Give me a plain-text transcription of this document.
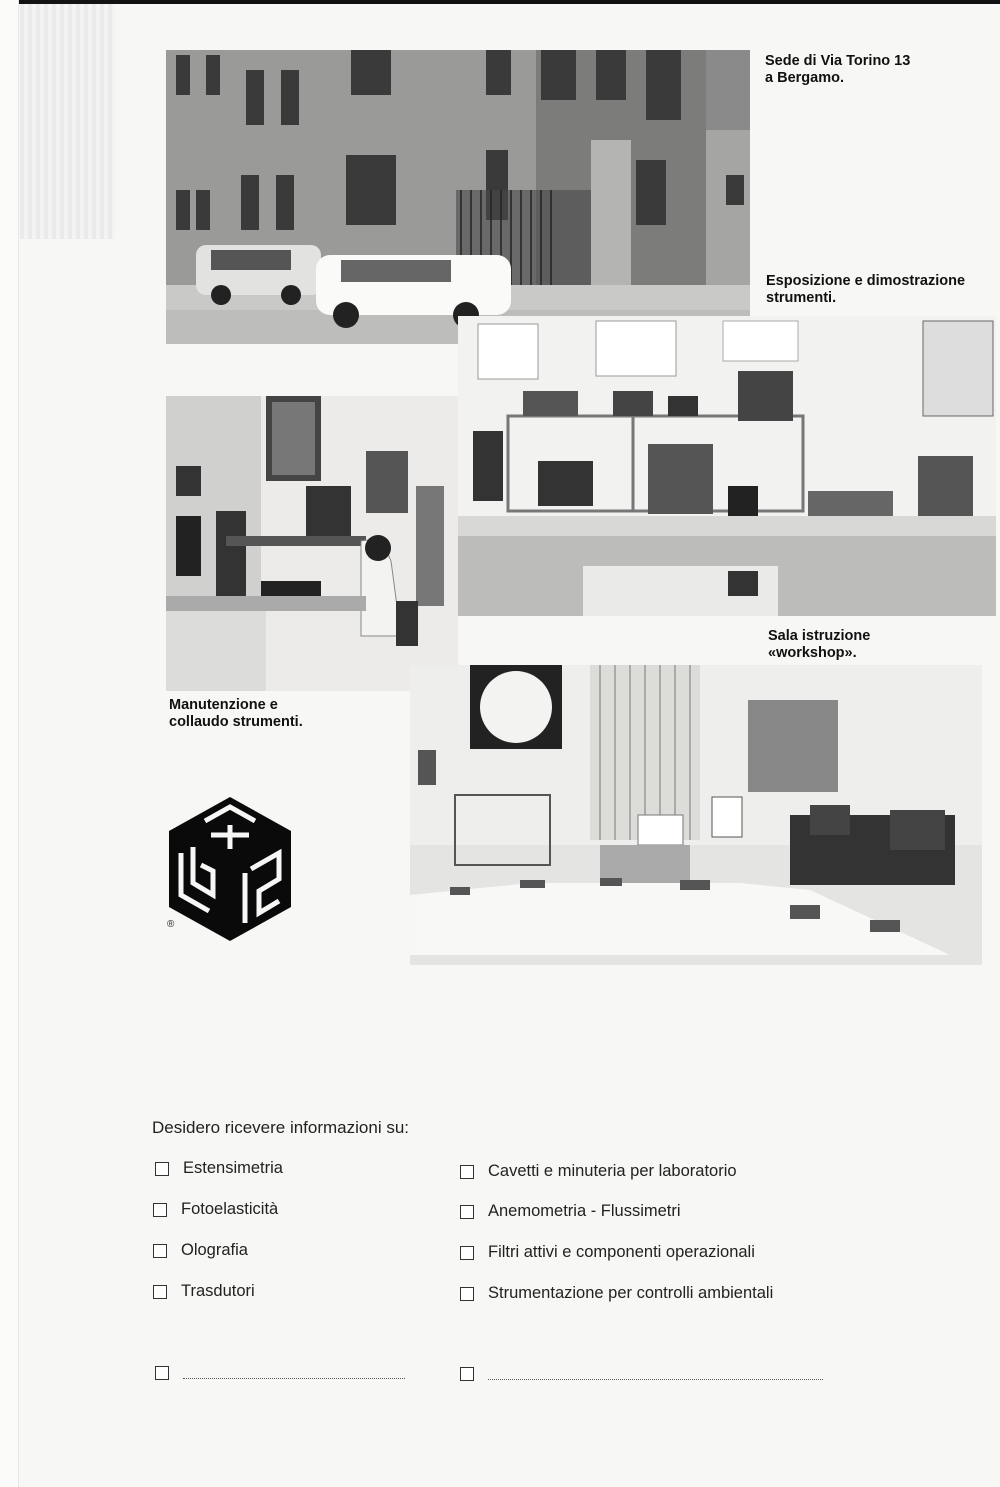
Sede di Via Torino 13
a Bergamo.
Esposizione e dimostrazione
strumenti.
Sala istruzione
«workshop».
Manutenzione e
collaudo strumenti.
®
Desidero ricevere informazioni su:
Estensimetria
Fotoelasticità
Olografia
Trasdutori
Cavetti e minuteria per laboratorio
Anemometria - Flussimetri
Filtri attivi e componenti operazionali
Strumentazione per controlli ambientali
